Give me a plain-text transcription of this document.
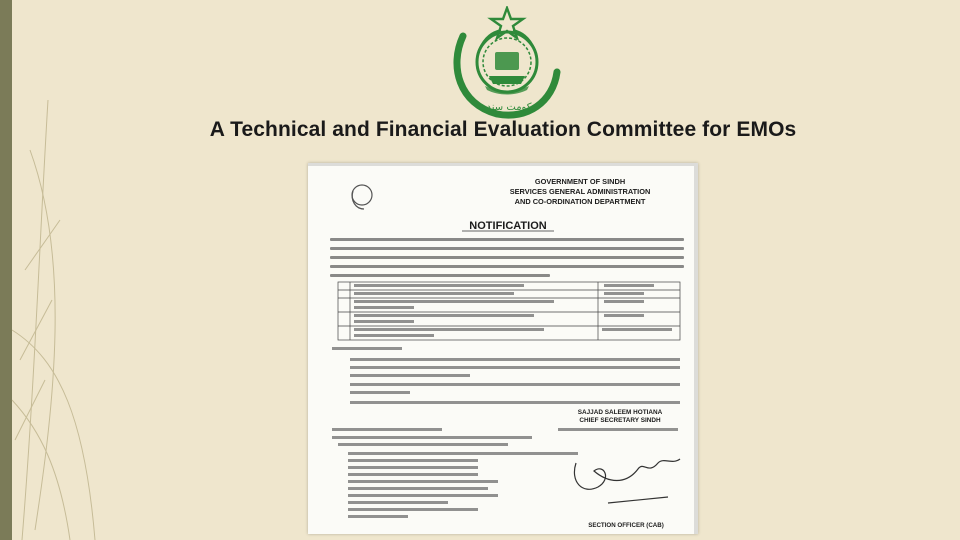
حکومت سندھ
A Technical and Financial Evaluation Committee for EMOs
GOVERNMENT OF SINDH
SERVICES GENERAL ADMINISTRATION
AND CO-ORDINATION DEPARTMENT
NOTIFICATION
SAJJAD SALEEM HOTIANA
CHIEF SECRETARY SINDH
SECTION OFFICER (CAB)
